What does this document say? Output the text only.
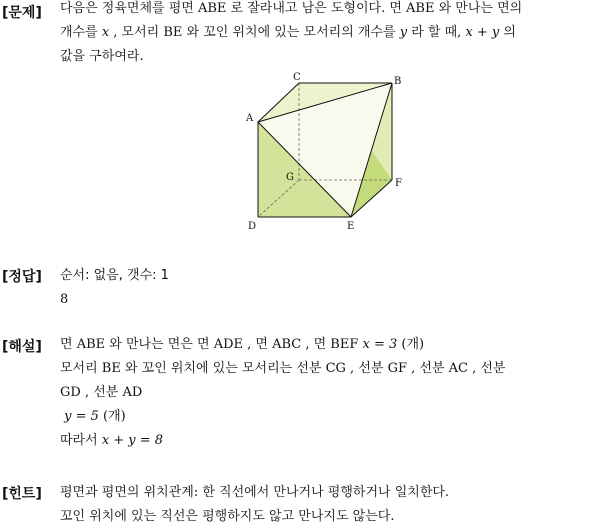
[문제] 다음은 정육면체를 평면 ABE 로 잘라내고 남은 도형이다. 면 ABE 와 만나는 면의
개수를 x , 모서리 BE 와 꼬인 위치에 있는 모서리의 개수를 y 라 할 때, x + y 의
값을 구하여라.
A
B
C
D	E
F
G
[정답] 순서: 없음, 갯수: 1
8
[해설] 면 ABE 와 만나는 면은 면 ADE , 면 ABC , 면 BEF x = 3 (개)
모서리 BE 와 꼬인 위치에 있는 모서리는 선분 CG , 선분 GF , 선분 AC , 선분
GD , 선분 AD
y = 5 (개)
따라서 x + y = 8
[힌트] 평면과 평면의 위치관계: 한 직선에서 만나거나 평행하거나 일치한다.
꼬인 위치에 있는 직선은 평행하지도 않고 만나지도 않는다.
